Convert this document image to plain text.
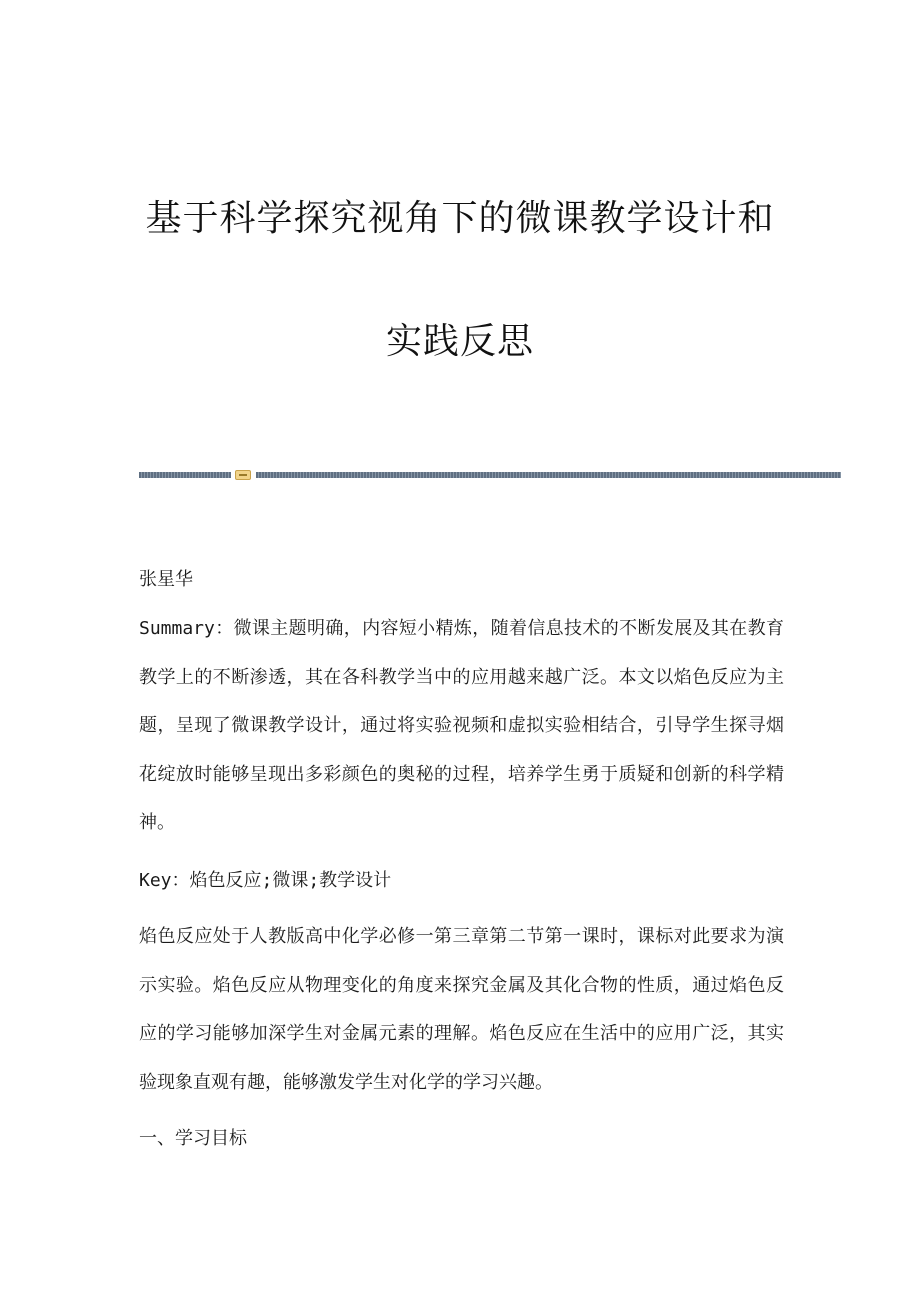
基于科学探究视角下的微课教学设计和
实践反思

张星华

Summary：微课主题明确，内容短小精炼，随着信息技术的不断发展及其在教育教学上的不断渗透，其在各科教学当中的应用越来越广泛。本文以焰色反应为主题，呈现了微课教学设计，通过将实验视频和虚拟实验相结合，引导学生探寻烟花绽放时能够呈现出多彩颜色的奥秘的过程，培养学生勇于质疑和创新的科学精神。

Key：焰色反应;微课;教学设计

焰色反应处于人教版高中化学必修一第三章第二节第一课时，课标对此要求为演示实验。焰色反应从物理变化的角度来探究金属及其化合物的性质，通过焰色反应的学习能够加深学生对金属元素的理解。焰色反应在生活中的应用广泛，其实验现象直观有趣，能够激发学生对化学的学习兴趣。

一、学习目标
